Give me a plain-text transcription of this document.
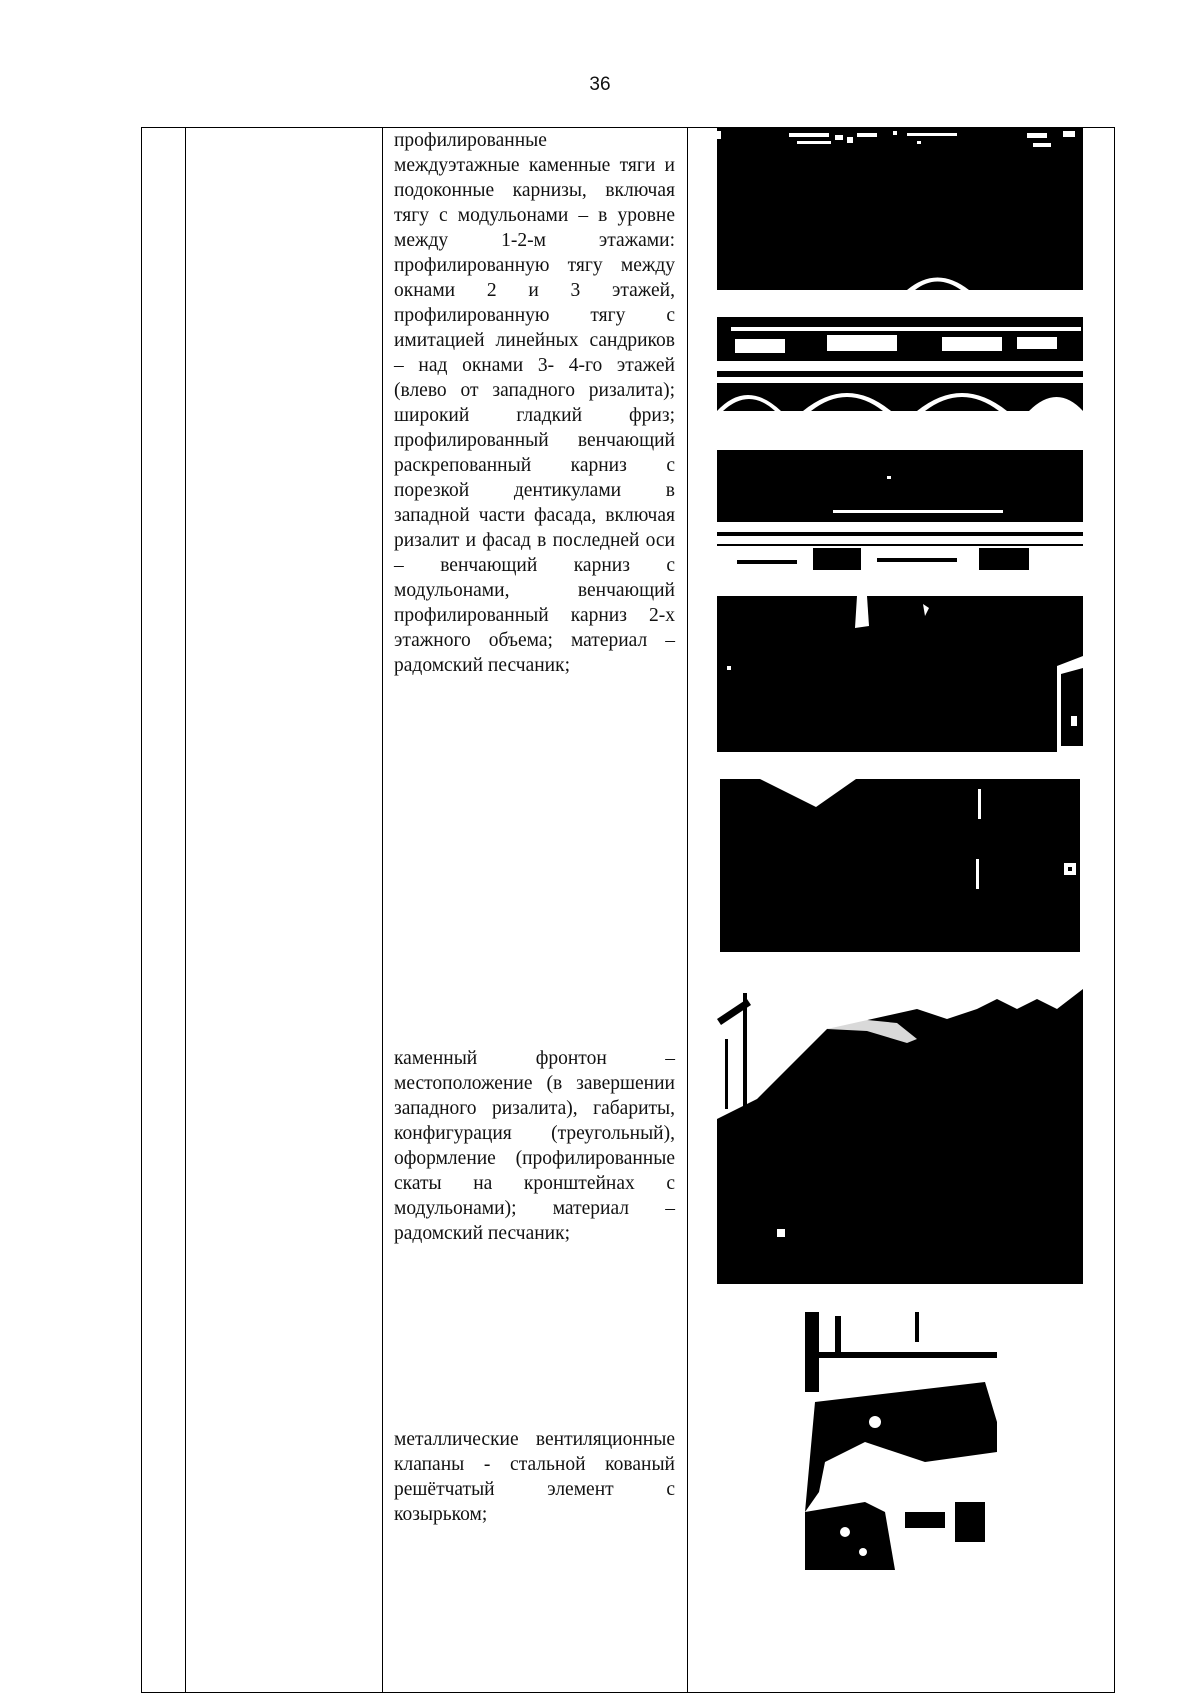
36
профилированные междуэтажные каменные тяги и подоконные карнизы, включая тягу с модульонами – в уровне между 1-2-м этажами: профилированную тягу между окнами 2 и 3 этажей, профилированную тягу с имитацией линейных сандриков – над окнами 3- 4-го этажей (влево от западного ризалита); широкий гладкий фриз; профилированный венчающий раскрепованный карниз с порезкой дентикулами в западной части фасада, включая ризалит и фасад в последней оси – венчающий карниз с модульонами, венчающий профилированный карниз 2-х этажного объема; материал – радомский песчаник;
каменный фронтон – местоположение (в завершении западного ризалита), габариты, конфигурация (треугольный), оформление (профилированные скаты на кронштейнах с модульонами); материал – радомский песчаник;
металлические вентиляционные клапаны - стальной кованый решётчатый элемент с козырьком;
